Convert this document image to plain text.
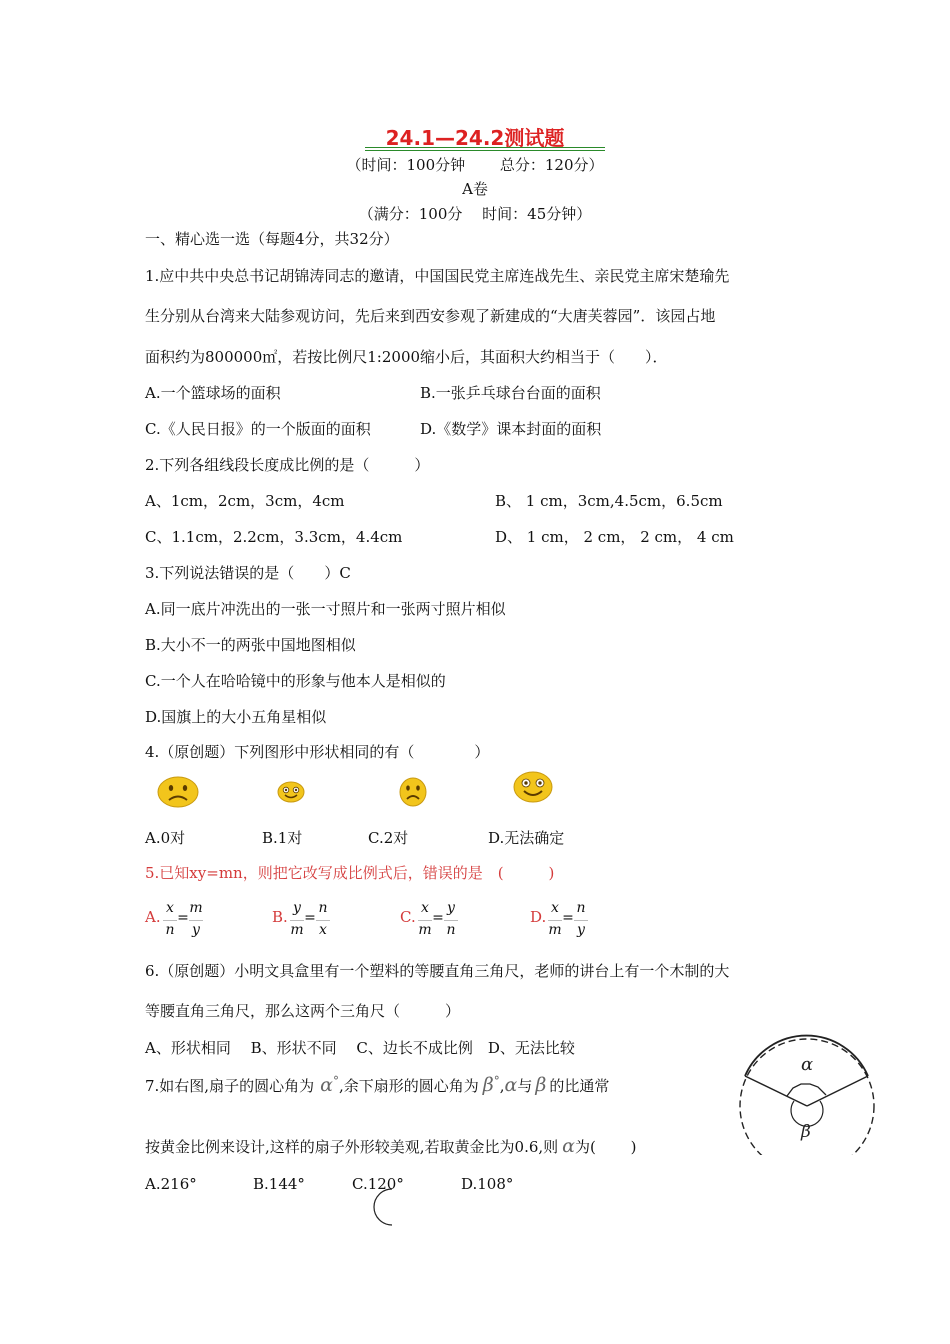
24.1—24.2测试题
（时间：100分钟　　 总分：120分）
A卷
（满分：100分　 时间：45分钟）
一、精心选一选（每题4分，共32分）
1.应中共中央总书记胡锦涛同志的邀请，中国国民党主席连战先生、亲民党主席宋楚瑜先
生分别从台湾来大陆参观访问，先后来到西安参观了新建成的“大唐芙蓉园”．该园占地
面积约为800000㎡，若按比例尺1:2000缩小后，其面积大约相当于（　　）．
A.一个篮球场的面积	B.一张乒乓球台台面的面积
C.《人民日报》的一个版面的面积	D.《数学》课本封面的面积
2.下列各组线段长度成比例的是（　　　）
A、1cm，2cm，3cm，4cm	B、 1 cm，3cm,4.5cm，6.5cm
C、1.1cm，2.2cm，3.3cm，4.4cm	D、 1 cm， 2 cm， 2 cm， 4 cm
3.下列说法错误的是（　　）C
A.同一底片冲洗出的一张一寸照片和一张两寸照片相似
B.大小不一的两张中国地图相似
C.一个人在哈哈镜中的形象与他本人是相似的
D.国旗上的大小五角星相似
4.（原创题）下列图形中形状相同的有（　　　　）
A.0对	B.1对	C.2对	D.无法确定
5.已知xy=mn，则把它改写成比例式后，错误的是　(　　　)
A. x
n
m
y
=	B. y
m
n
x
=	C. x
m
y
n
=	D. x
m
n
y
=
6.（原创题）小明文具盒里有一个塑料的等腰直角三角尺，老师的讲台上有一个木制的大
等腰直角三角尺，那么这两个三角尺（　　　）
A、形状相同　 B、形状不同　 C、边长不成比例　D、无法比较
7.如右图,扇子的圆心角为 α°,余下扇形的圆心角为 β°,α与 β 的比通常
按黄金比例来设计,这样的扇子外形较美观,若取黄金比为0.6,则 α为(　　 )
A.216°	B.144°	C.120°	D.108°
α
β
